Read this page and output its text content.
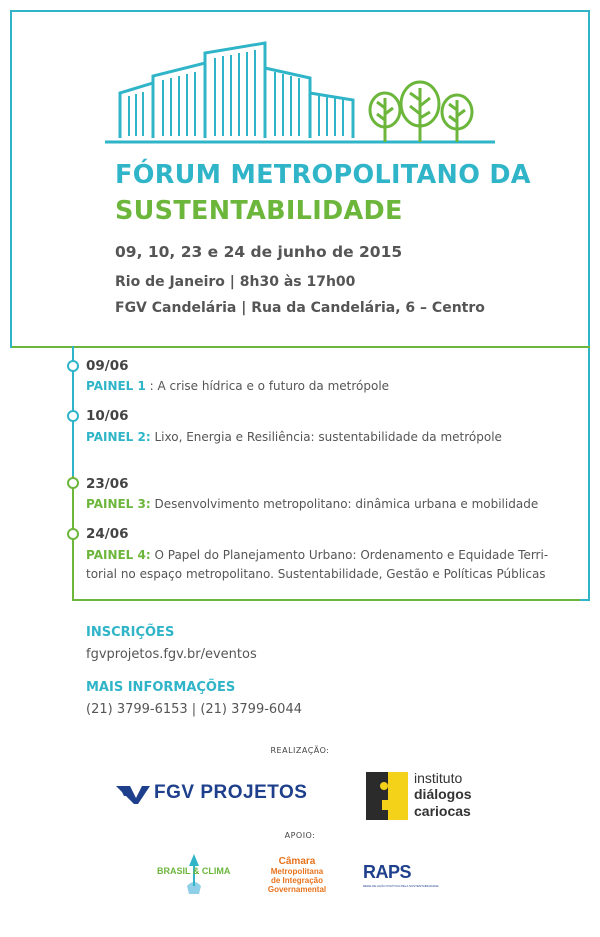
FÓRUM METROPOLITANO DA
SUSTENTABILIDADE
09, 10, 23 e 24 de junho de 2015
Rio de Janeiro | 8h30 às 17h00
FGV Candelária | Rua da Candelária, 6 – Centro
09/06
PAINEL 1 : A crise hídrica e o futuro da metrópole
10/06
PAINEL 2: Lixo, Energia e Resiliência: sustentabilidade da metrópole
23/06
PAINEL 3: Desenvolvimento metropolitano: dinâmica urbana e mobilidade
24/06
PAINEL 4: O Papel do Planejamento Urbano: Ordenamento e Equidade Terri-
torial no espaço metropolitano. Sustentabilidade, Gestão e Políticas Públicas
INSCRIÇÕES
fgvprojetos.fgv.br/eventos
MAIS INFORMAÇÕES
(21) 3799-6153 | (21) 3799-6044
REALIZAÇÃO:
FGV PROJETOS
instituto
diálogos
cariocas
APOIO:
BRASIL & CLIMA
Câmara
Metropolitana
de Integração
Governamental
RAPS
REDE DE AÇÃO POLÍTICA PELA SUSTENTABILIDADE
